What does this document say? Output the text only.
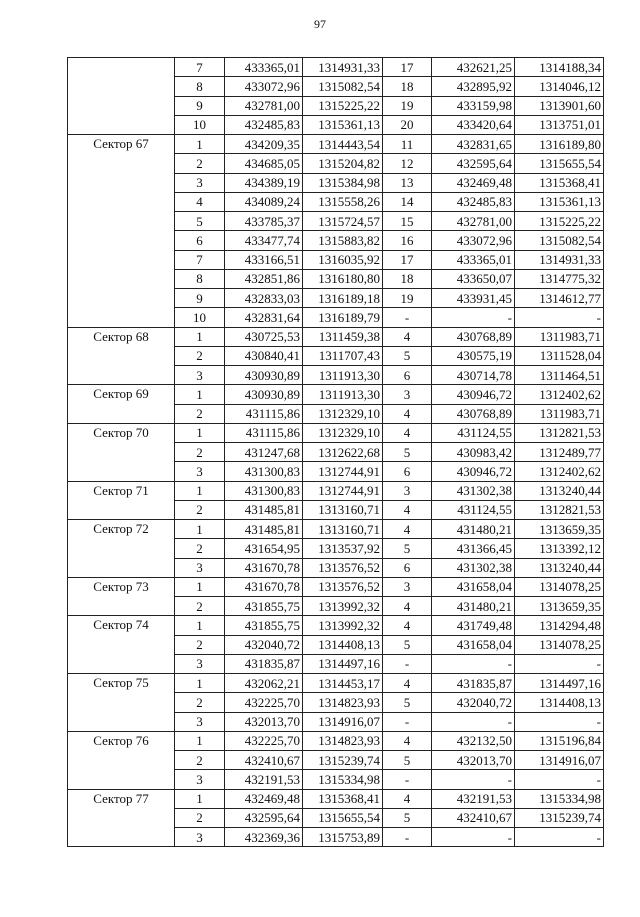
97
	7	433365,01	1314931,33	17	432621,25	1314188,34
	8	433072,96	1315082,54	18	432895,92	1314046,12
	9	432781,00	1315225,22	19	433159,98	1313901,60
	10	432485,83	1315361,13	20	433420,64	1313751,01
Сектор 67	1	434209,35	1314443,54	11	432831,65	1316189,80
	2	434685,05	1315204,82	12	432595,64	1315655,54
	3	434389,19	1315384,98	13	432469,48	1315368,41
	4	434089,24	1315558,26	14	432485,83	1315361,13
	5	433785,37	1315724,57	15	432781,00	1315225,22
	6	433477,74	1315883,82	16	433072,96	1315082,54
	7	433166,51	1316035,92	17	433365,01	1314931,33
	8	432851,86	1316180,80	18	433650,07	1314775,32
	9	432833,03	1316189,18	19	433931,45	1314612,77
	10	432831,64	1316189,79	-	-	-
Сектор 68	1	430725,53	1311459,38	4	430768,89	1311983,71
	2	430840,41	1311707,43	5	430575,19	1311528,04
	3	430930,89	1311913,30	6	430714,78	1311464,51
Сектор 69	1	430930,89	1311913,30	3	430946,72	1312402,62
	2	431115,86	1312329,10	4	430768,89	1311983,71
Сектор 70	1	431115,86	1312329,10	4	431124,55	1312821,53
	2	431247,68	1312622,68	5	430983,42	1312489,77
	3	431300,83	1312744,91	6	430946,72	1312402,62
Сектор 71	1	431300,83	1312744,91	3	431302,38	1313240,44
	2	431485,81	1313160,71	4	431124,55	1312821,53
Сектор 72	1	431485,81	1313160,71	4	431480,21	1313659,35
	2	431654,95	1313537,92	5	431366,45	1313392,12
	3	431670,78	1313576,52	6	431302,38	1313240,44
Сектор 73	1	431670,78	1313576,52	3	431658,04	1314078,25
	2	431855,75	1313992,32	4	431480,21	1313659,35
Сектор 74	1	431855,75	1313992,32	4	431749,48	1314294,48
	2	432040,72	1314408,13	5	431658,04	1314078,25
	3	431835,87	1314497,16	-	-	-
Сектор 75	1	432062,21	1314453,17	4	431835,87	1314497,16
	2	432225,70	1314823,93	5	432040,72	1314408,13
	3	432013,70	1314916,07	-	-	-
Сектор 76	1	432225,70	1314823,93	4	432132,50	1315196,84
	2	432410,67	1315239,74	5	432013,70	1314916,07
	3	432191,53	1315334,98	-	-	-
Сектор 77	1	432469,48	1315368,41	4	432191,53	1315334,98
	2	432595,64	1315655,54	5	432410,67	1315239,74
	3	432369,36	1315753,89	-	-	-
